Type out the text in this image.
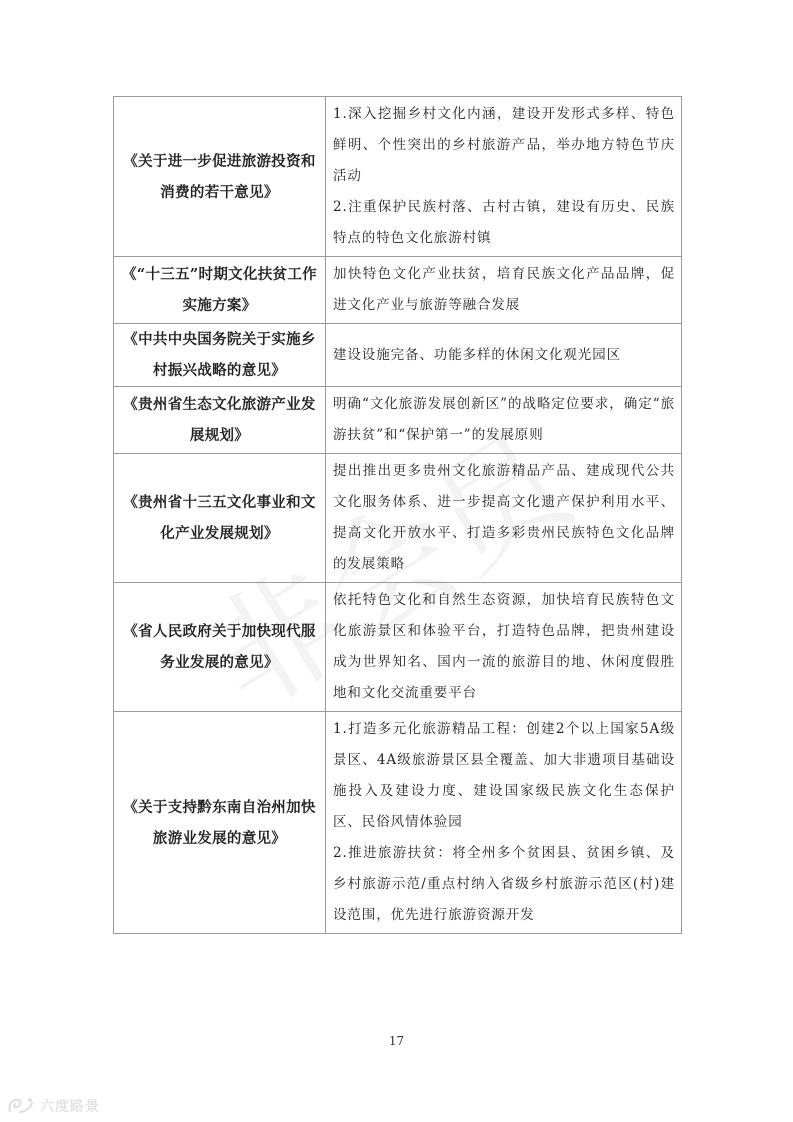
《关于进一步促进旅游投资和消费的若干意见》	1.深入挖掘乡村文化内涵，建设开发形式多样、特色鲜明、个性突出的乡村旅游产品，举办地方特色节庆活动

2.注重保护民族村落、古村古镇，建设有历史、民族特点的特色文化旅游村镇

《“十三五”时期文化扶贫工作实施方案》	加快特色文化产业扶贫，培育民族文化产品品牌，促进文化产业与旅游等融合发展

《中共中央国务院关于实施乡村振兴战略的意见》	建设设施完备、功能多样的休闲文化观光园区

《贵州省生态文化旅游产业发展规划》	明确“文化旅游发展创新区”的战略定位要求，确定“旅游扶贫”和“保护第一”的发展原则

《贵州省十三五文化事业和文化产业发展规划》	提出推出更多贵州文化旅游精品产品、建成现代公共文化服务体系、进一步提高文化遗产保护利用水平、提高文化开放水平、打造多彩贵州民族特色文化品牌的发展策略

《省人民政府关于加快现代服务业发展的意见》	依托特色文化和自然生态资源，加快培育民族特色文化旅游景区和体验平台，打造特色品牌，把贵州建设成为世界知名、国内一流的旅游目的地、休闲度假胜地和文化交流重要平台

《关于支持黔东南自治州加快旅游业发展的意见》	1.打造多元化旅游精品工程：创建2个以上国家5A级景区、4A级旅游景区县全覆盖、加大非遗项目基础设施投入及建设力度、建设国家级民族文化生态保护区、民俗风情体验园

2.推进旅游扶贫：将全州多个贫困县、贫困乡镇、及乡村旅游示范/重点村纳入省级乡村旅游示范区(村)建设范围，优先进行旅游资源开发

17
六度路景
